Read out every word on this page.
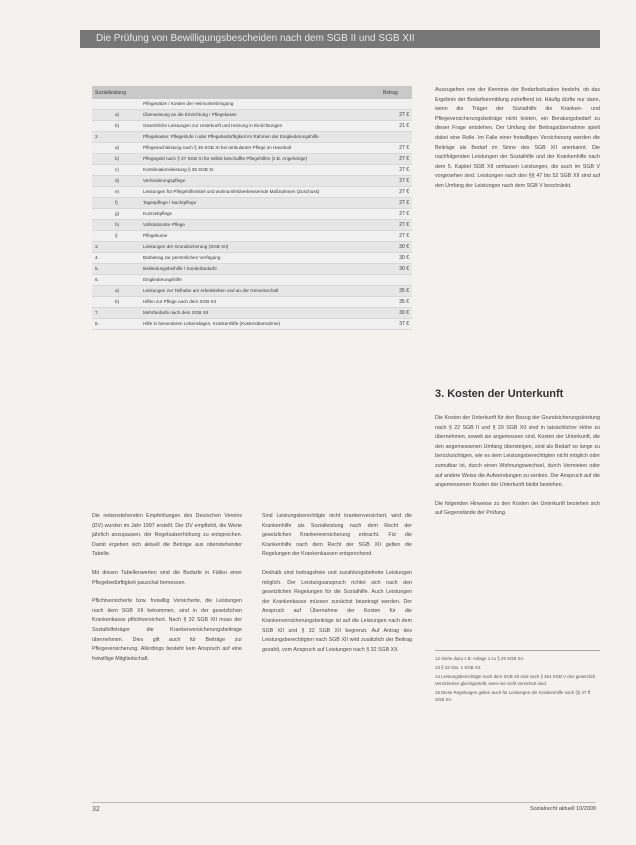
Die Prüfung von Bewilligungsbescheiden nach dem SGB II und SGB XII
Sozialleistung			Betrag
		Pflegesätze / Kosten der Heimunterbringung	
	a)	Überweisung an die Einrichtung / Pflegekasse	27 €
	b)	Gesetzliche Leistungen zur Unterkunft und Heizung in Einrichtungen	21 €
2.		Pflegekasse: Pflegestufe I oder Pflegebedürftigkeit im Rahmen der Eingliederungshilfe	
	a)	Pflegesachleistung nach § 36 SGB XI bei ambulanter Pflege im Haushalt	27 €
	b)	Pflegegeld nach § 37 SGB XI für selbst beschaffte Pflegehilfen (z.B. Angehörige)	27 €
	c)	Kombinationsleistung § 38 SGB XI	27 €
	d)	Verhinderungspflege	27 €
	e)	Leistungen für Pflegehilfsmittel und wohnumfeldverbessernde Maßnahmen (Zuschuss)	27 €
	f)	Tagespflege / Nachtpflege	27 €
	g)	Kurzzeitpflege	27 €
	h)	Vollstationäre Pflege	27 €
	i)	Pflegekurse	27 €
3.		Leistungen der Grundsicherung (SGB XII)	30 €
4.		Barbetrag zur persönlichen Verfügung	30 €
5.		Bekleidungsbeihilfe / Sonderbedarfe	30 €
6.		Eingliederungshilfe	
	a)	Leistungen zur Teilhabe am Arbeitsleben und an der Gemeinschaft	35 €
	b)	Hilfen zur Pflege nach dem SGB XII	35 €
7.		Mehrbedarfe nach dem SGB XII	30 €
8.		Hilfe in besonderen Lebenslagen, Krankenhilfe (Kostenübernahme)	37 €

Die nebenstehenden Empfehlungen des Deutschen Vereins (DV) wurden im Jahr 1997 erstellt. Der DV empfiehlt, die Werte jährlich anzupassen, der Regelsatzerhöhung zu entsprechen. Damit ergeben sich aktuell die Beträge aus obenstehender Tabelle.

Mit diesen Tabellenwerten sind die Bedarfe in Fällen einer Pflegebedürftigkeit pauschal bemessen.

Pflichtversicherte bzw. freiwillig Versicherte, die Leistungen nach dem SGB XII bekommen, sind in der gesetzlichen Krankenkasse pflichtversichert. Nach § 32 SGB XII muss der Sozialhilfeträger die Krankenversicherungsbeiträge übernehmen. Dies gilt auch für Beiträge zur Pflegeversicherung. Allerdings besteht kein Anspruch auf eine freiwillige Mitgliedschaft.

Sind Leistungsberechtigte nicht krankenversichert, wird die Krankenhilfe als Sozialleistung nach dem Recht der gesetzlichen Krankenversicherung erbracht. Für die Krankenhilfe nach dem Recht der SGB XII gelten die Regelungen der Krankenkassen entsprechend.

Deshalb sind beitragsfreie und zuzahlungsbefreite Leistungen möglich. Der Leistungsanspruch richtet sich nach den gesetzlichen Regelungen für die Sozialhilfe. Auch Leistungen der Krankenkasse müssen zunächst beantragt werden. Der Anspruch auf Übernahme der Kosten für die Krankenversicherungsbeiträge ist auf die Leistungen nach dem SGB XII und § 32 SGB XII begrenzt. Auf Antrag des Leistungsberechtigten nach SGB XII wird zusätzlich der Beitrag gezahlt, vom Anspruch auf Leistungen nach § 32 SGB XII.

Auszugehen von der Kenntnis der Bedarfssituation besteht, ob das Ergebnis der Bedarfsermittlung zutreffend ist. Häufig dürfte nur dann, wenn die Träger der Sozialhilfe die Kranken- und Pflegeversicherungsbeiträge nicht leisten, ein Beratungsbedarf zu dieser Frage entstehen. Der Umfang der Beitragsübernahme spielt dabei eine Rolle. Im Falle einer freiwilligen Versicherung werden die Beiträge als Bedarf im Sinne des SGB XII anerkannt. Die nachfolgenden Leistungen der Sozialhilfe und der Krankenhilfe nach dem 5. Kapitel SGB XII umfassen Leistungen, die auch im SGB V vorgesehen sind. Leistungen nach den §§ 47 bis 52 SGB XII sind auf den Umfang der Leistungen nach dem SGB V beschränkt.

3. Kosten der Unterkunft

Die Kosten der Unterkunft für den Bezug der Grundsicherungsleistung nach § 22 SGB II und § 29 SGB XII sind in tatsächlicher Höhe zu übernehmen, soweit sie angemessen sind. Kosten der Unterkunft, die den angemessenen Umfang übersteigen, sind als Bedarf so lange zu berücksichtigen, wie es dem Leistungsberechtigten nicht möglich oder zumutbar ist, durch einen Wohnungswechsel, durch Vermieten oder auf andere Weise die Aufwendungen zu senken. Der Anspruch auf die angemessenen Kosten der Unterkunft bleibt bestehen.

Die folgenden Hinweise zu den Kosten der Unterkunft beziehen sich auf Gegenstände der Prüfung.

12 Siehe dazu z.B. Anlage 1 zu § 29 SGB XII.
13 § 32 Abs. 1 SGB XII.
14 Leistungsberechtigte nach dem SGB XII sind nach § 264 SGB V den gesetzlich Versicherten gleichgestellt, wenn sie nicht versichert sind.
15 Diese Regelungen gelten auch für Leistungen der Krankenhilfe nach §§ 47 ff. SGB XII.
32	Sozialrecht aktuell 10/2009
